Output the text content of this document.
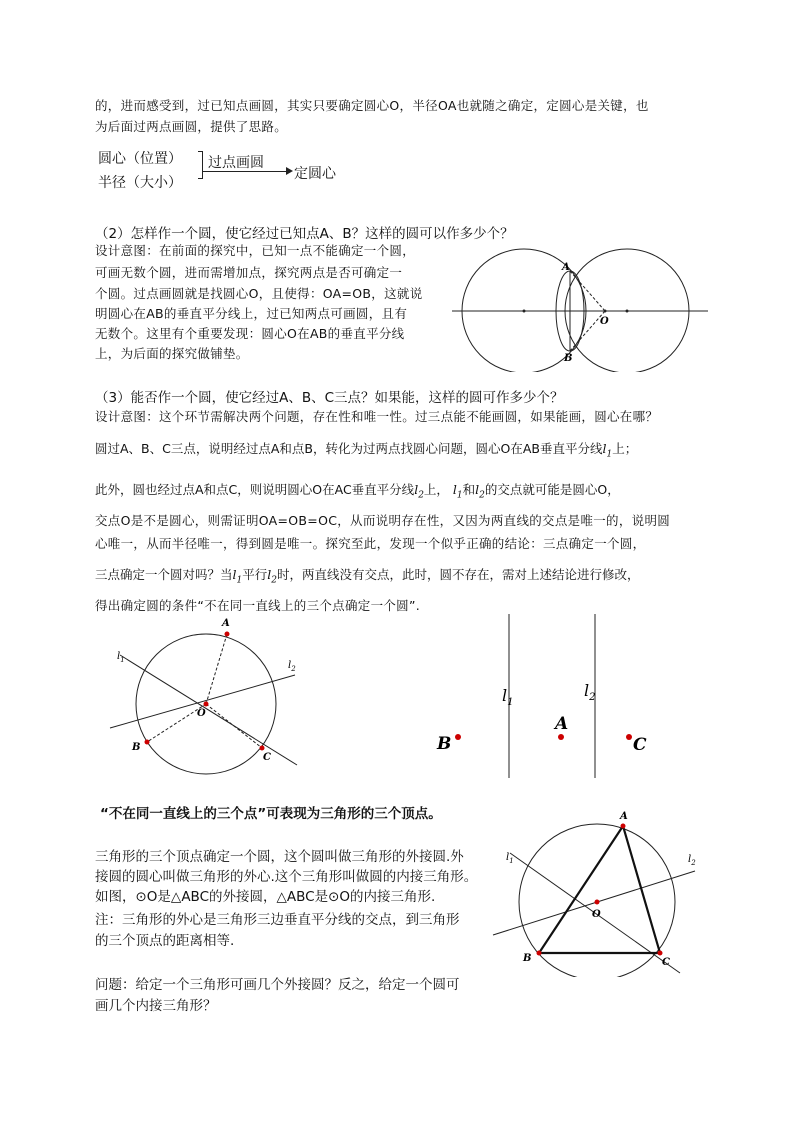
的，进而感受到，过已知点画圆，其实只要确定圆心O，半径OA也就随之确定，定圆心是关键，也
为后面过两点画圆，提供了思路。
圆心（位置）
半径（大小）
过点画圆
定圆心
（2）怎样作一个圆，使它经过已知点A、B？这样的圆可以作多少个？
设计意图：在前面的探究中，已知一点不能确定一个圆，
可画无数个圆，进而需增加点，探究两点是否可确定一
个圆。过点画圆就是找圆心O，且使得：OA=OB，这就说
明圆心在AB的垂直平分线上，过已知两点可画圆，且有
无数个。这里有个重要发现：圆心O在AB的垂直平分线
上，为后面的探究做铺垫。
A
B
O
（3）能否作一个圆，使它经过A、B、C三点？如果能，这样的圆可作多少个？
设计意图：这个环节需解决两个问题，存在性和唯一性。过三点能不能画圆，如果能画，圆心在哪？
圆过A、B、C三点，说明经过点A和点B，转化为过两点找圆心问题，圆心O在AB垂直平分线$l_1$上；
此外，圆也经过点A和点C，则说明圆心O在AC垂直平分线$l_2$上， $l_1$和$l_2$的交点就可能是圆心O，
交点O是不是圆心，则需证明OA=OB=OC，从而说明存在性，又因为两直线的交点是唯一的，说明圆
心唯一，从而半径唯一，得到圆是唯一。探究至此，发现一个似乎正确的结论：三点确定一个圆，
三点确定一个圆对吗？当$l_1$平行$l_2$时，两直线没有交点，此时，圆不存在，需对上述结论进行修改，
得出确定圆的条件“不在同一直线上的三个点确定一个圆”.
A
B
C
O
$l_1$	$l_2$
B
A
C
$l_1$
$l_2$
“不在同一直线上的三个点”可表现为三角形的三个顶点。
三角形的三个顶点确定一个圆，这个圆叫做三角形的外接圆.外
接圆的圆心叫做三角形的外心.这个三角形叫做圆的内接三角形。
如图，⊙O是△ABC的外接圆，△ABC是⊙O的内接三角形.
注：三角形的外心是三角形三边垂直平分线的交点，到三角形
的三个顶点的距离相等.
问题：给定一个三角形可画几个外接圆？反之，给定一个圆可
画几个内接三角形？
A
B	C
O
$l_1$	$l_2$
